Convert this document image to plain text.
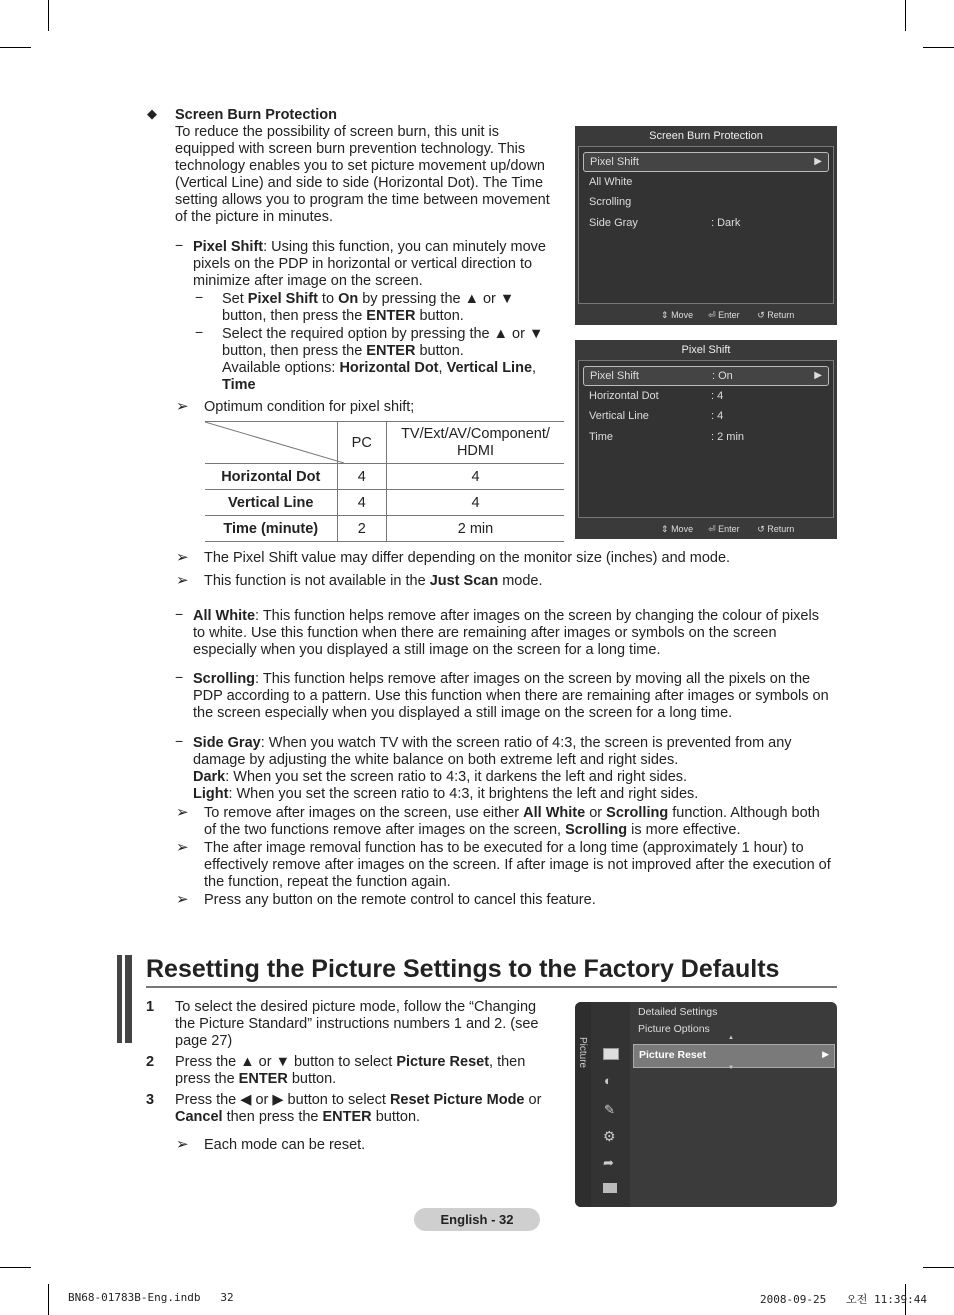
◆ Screen Burn Protection
To reduce the possibility of screen burn, this unit is equipped with screen burn prevention technology. This technology enables you to set picture movement up/down (Vertical Line) and side to side (Horizontal Dot). The Time setting allows you to program the time between movement of the picture in minutes.
− Pixel Shift: Using this function, you can minutely move pixels on the PDP in horizontal or vertical direction to minimize after image on the screen.
− Set Pixel Shift to On by pressing the ▲ or ▼ button, then press the ENTER button.
− Select the required option by pressing the ▲ or ▼ button, then press the ENTER button.
Available options: Horizontal Dot, Vertical Line,
Time
➢ Optimum condition for pixel shift;
	PC	TV/Ext/AV/Component/ HDMI
Horizontal Dot	4	4
Vertical Line	4	4
Time (minute)	2	2 min
➢ The Pixel Shift value may differ depending on the monitor size (inches) and mode.
➢ This function is not available in the Just Scan mode.
− All White: This function helps remove after images on the screen by changing the colour of pixels to white. Use this function when there are remaining after images or symbols on the screen especially when you displayed a still image on the screen for a long time.
− Scrolling: This function helps remove after images on the screen by moving all the pixels on the PDP according to a pattern. Use this function when there are remaining after images or symbols on the screen especially when you displayed a still image on the screen for a long time.
− Side Gray: When you watch TV with the screen ratio of 4:3, the screen is prevented from any damage by adjusting the white balance on both extreme left and right sides.
Dark: When you set the screen ratio to 4:3, it darkens the left and right sides.
Light: When you set the screen ratio to 4:3, it brightens the left and right sides.
➢ To remove after images on the screen, use either All White or Scrolling function. Although both of the two functions remove after images on the screen, Scrolling is more effective.
➢ The after image removal function has to be executed for a long time (approximately 1 hour) to effectively remove after images on the screen. If after image is not improved after the execution of the function, repeat the function again.
➢ Press any button on the remote control to cancel this feature.
Screen Burn Protection
Pixel Shift	▶
All White
Scrolling
Side Gray	: Dark
⇕ Move ⏎ Enter ↺ Return
Pixel Shift
Pixel Shift	: On	▶
Horizontal Dot	: 4
Vertical Line	: 4
Time	: 2 min
⇕ Move ⏎ Enter ↺ Return
Resetting the Picture Settings to the Factory Defaults
1 To select the desired picture mode, follow the “Changing the Picture Standard” instructions numbers 1 and 2. (see page 27)
2 Press the ▲ or ▼ button to select Picture Reset, then press the ENTER button.
3 Press the ◀ or ▶ button to select Reset Picture Mode or Cancel then press the ENTER button.
➢ Each mode can be reset.
Picture
◐
✎
⚙
➦
Detailed Settings
Picture Options
▲
Picture Reset	▶
▼
English - 32
BN68-01783B-Eng.indb   32	2008-09-25   오전 11:39:44
